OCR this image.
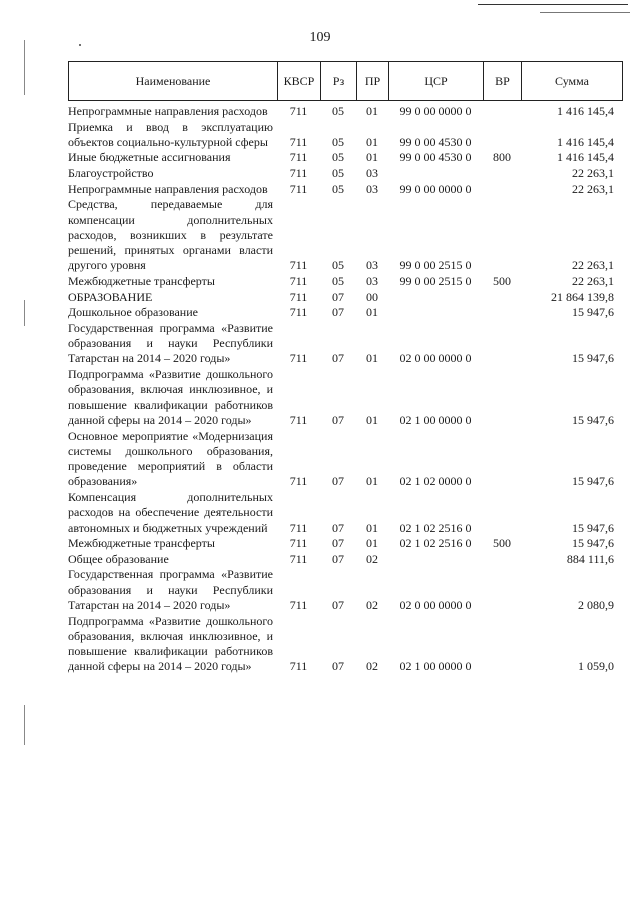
109
Наименование	КВСР	Рз	ПР	ЦСР	ВР	Сумма
Непрограммные направления расходов	711	05	01	99 0 00 0000 0	1 416 145,4
Приемка и ввод в эксплуатацию объектов социально-культурной сферы	711	05	01	99 0 00 4530 0	1 416 145,4
Иные бюджетные ассигнования	711	05	01	99 0 00 4530 0	800	1 416 145,4
Благоустройство	711	05	03	22 263,1
Непрограммные направления расходов	711	05	03	99 0 00 0000 0	22 263,1
Средства, передаваемые для компенсации дополнительных расходов, возникших в результате решений, принятых органами власти другого уровня	711	05	03	99 0 00 2515 0	22 263,1
Межбюджетные трансферты	711	05	03	99 0 00 2515 0	500	22 263,1
ОБРАЗОВАНИЕ	711	07	00	21 864 139,8
Дошкольное образование	711	07	01	15 947,6
Государственная программа «Развитие образования и науки Республики Татарстан на 2014 – 2020 годы»	711	07	01	02 0 00 0000 0	15 947,6
Подпрограмма «Развитие дошкольного образования, включая инклюзивное, и повышение квалификации работников данной сферы на 2014 – 2020 годы»	711	07	01	02 1 00 0000 0	15 947,6
Основное мероприятие «Модернизация системы дошкольного образования, проведение мероприятий в области образования»	711	07	01	02 1 02 0000 0	15 947,6
Компенсация дополнительных расходов на обеспечение деятельности автономных и бюджетных учреждений	711	07	01	02 1 02 2516 0	15 947,6
Межбюджетные трансферты	711	07	01	02 1 02 2516 0	500	15 947,6
Общее образование	711	07	02	884 111,6
Государственная программа «Развитие образования и науки Республики Татарстан на 2014 – 2020 годы»	711	07	02	02 0 00 0000 0	2 080,9
Подпрограмма «Развитие дошкольного образования, включая инклюзивное, и повышение квалификации работников данной сферы на 2014 – 2020 годы»	711	07	02	02 1 00 0000 0	1 059,0
